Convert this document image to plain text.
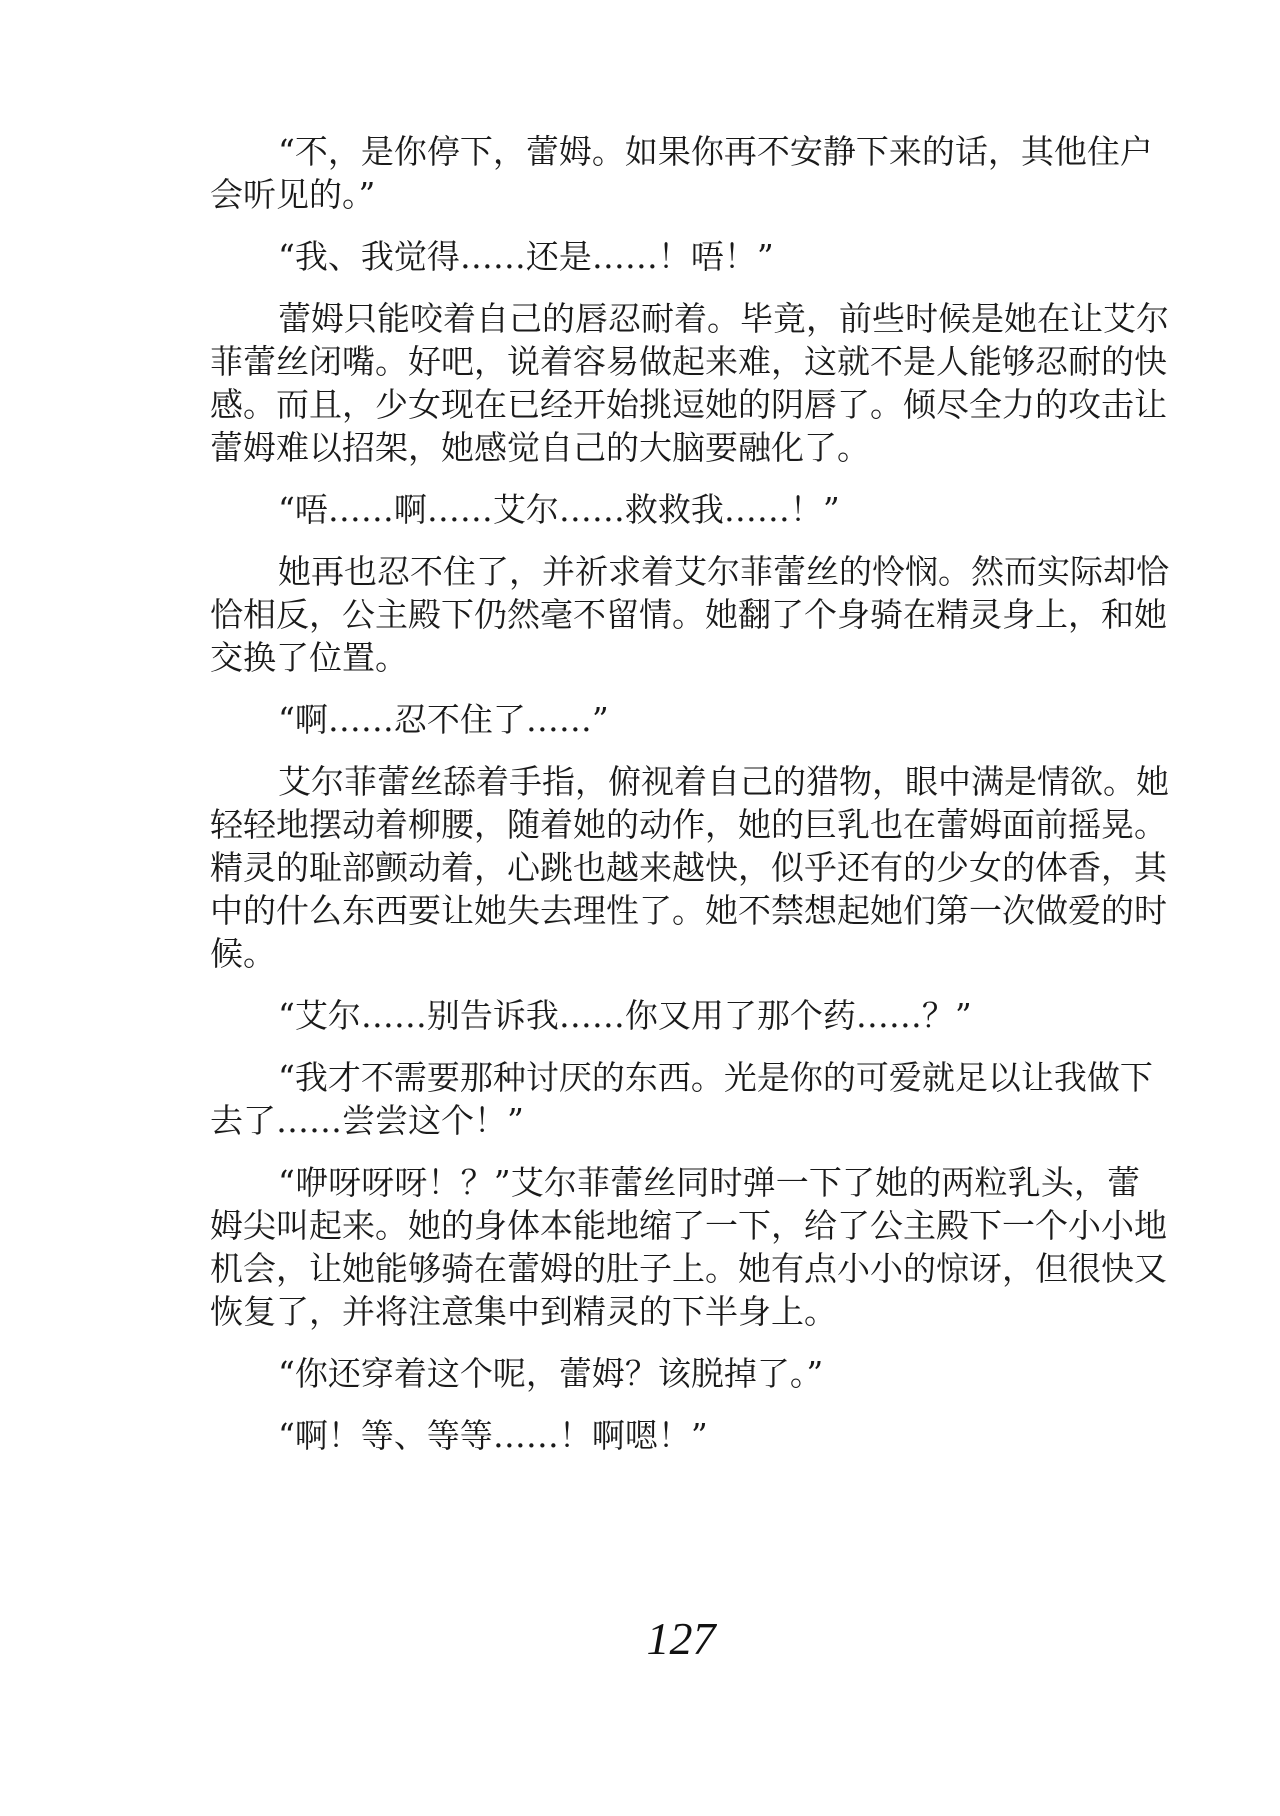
“不，是你停下，蕾姆。如果你再不安静下来的话，其他住户
会听见的。”
“我、我觉得……还是……！唔！”
蕾姆只能咬着自己的唇忍耐着。毕竟，前些时候是她在让艾尔
菲蕾丝闭嘴。好吧，说着容易做起来难，这就不是人能够忍耐的快
感。而且，少女现在已经开始挑逗她的阴唇了。倾尽全力的攻击让
蕾姆难以招架，她感觉自己的大脑要融化了。
“唔……啊……艾尔……救救我……！”
她再也忍不住了，并祈求着艾尔菲蕾丝的怜悯。然而实际却恰
恰相反，公主殿下仍然毫不留情。她翻了个身骑在精灵身上，和她
交换了位置。
“啊……忍不住了……”
艾尔菲蕾丝舔着手指，俯视着自己的猎物，眼中满是情欲。她
轻轻地摆动着柳腰，随着她的动作，她的巨乳也在蕾姆面前摇晃。
精灵的耻部颤动着，心跳也越来越快，似乎还有的少女的体香，其
中的什么东西要让她失去理性了。她不禁想起她们第一次做爱的时
候。
“艾尔……别告诉我……你又用了那个药……？”
“我才不需要那种讨厌的东西。光是你的可爱就足以让我做下
去了……尝尝这个！”
“咿呀呀呀！？”艾尔菲蕾丝同时弹一下了她的两粒乳头，蕾
姆尖叫起来。她的身体本能地缩了一下，给了公主殿下一个小小地
机会，让她能够骑在蕾姆的肚子上。她有点小小的惊讶，但很快又
恢复了，并将注意集中到精灵的下半身上。
“你还穿着这个呢，蕾姆？该脱掉了。”
“啊！等、等等……！啊嗯！”
127
